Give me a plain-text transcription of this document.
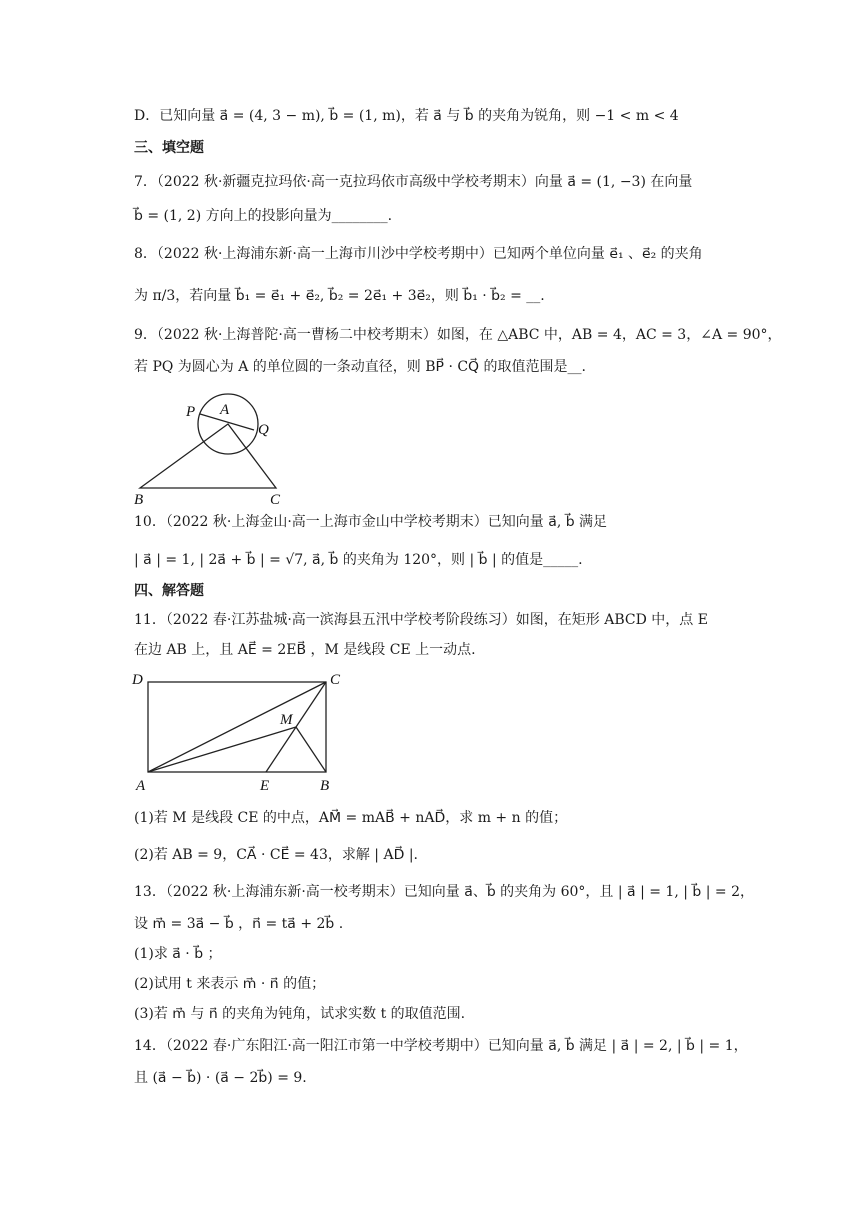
D．已知向量 a⃗ = (4, 3 − m), b⃗ = (1, m)，若 a⃗ 与 b⃗ 的夹角为锐角，则 −1 < m < 4
三、填空题
7．（2022 秋·新疆克拉玛依·高一克拉玛依市高级中学校考期末）向量 a⃗ = (1, −3) 在向量
b⃗ = (1, 2) 方向上的投影向量为________.
8．（2022 秋·上海浦东新·高一上海市川沙中学校考期中）已知两个单位向量 e⃗₁ 、e⃗₂ 的夹角
为 π/3，若向量 b⃗₁ = e⃗₁ + e⃗₂, b⃗₂ = 2e⃗₁ + 3e⃗₂，则 b⃗₁ · b⃗₂ = __.
9．（2022 秋·上海普陀·高一曹杨二中校考期末）如图，在 △ABC 中，AB = 4，AC = 3，∠A = 90°，
若 PQ 为圆心为 A 的单位圆的一条动直径，则 BP⃗ · CQ⃗ 的取值范围是__.
P A
Q
B	C
10．（2022 秋·上海金山·高一上海市金山中学校考期末）已知向量 a⃗, b⃗ 满足
| a⃗ | = 1, | 2a⃗ + b⃗ | = √7, a⃗, b⃗ 的夹角为 120°，则 | b⃗ | 的值是_____.
四、解答题
11．（2022 春·江苏盐城·高一滨海县五汛中学校考阶段练习）如图，在矩形 ABCD 中，点 E
在边 AB 上，且 AE⃗ = 2EB⃗ ，M 是线段 CE 上一动点.
D	C
M
A	E	B
(1)若 M 是线段 CE 的中点，AM⃗ = mAB⃗ + nAD⃗，求 m + n 的值；
(2)若 AB = 9，CA⃗ · CE⃗ = 43，求解 | AD⃗ |.
13．（2022 秋·上海浦东新·高一校考期末）已知向量 a⃗、b⃗ 的夹角为 60°，且 | a⃗ | = 1, | b⃗ | = 2，
设 m⃗ = 3a⃗ − b⃗ ，n⃗ = ta⃗ + 2b⃗ .
(1)求 a⃗ · b⃗ ；
(2)试用 t 来表示 m⃗ · n⃗ 的值；
(3)若 m⃗ 与 n⃗ 的夹角为钝角，试求实数 t 的取值范围.
14．（2022 春·广东阳江·高一阳江市第一中学校考期中）已知向量 a⃗, b⃗ 满足 | a⃗ | = 2, | b⃗ | = 1，
且 (a⃗ − b⃗) · (a⃗ − 2b⃗) = 9.
